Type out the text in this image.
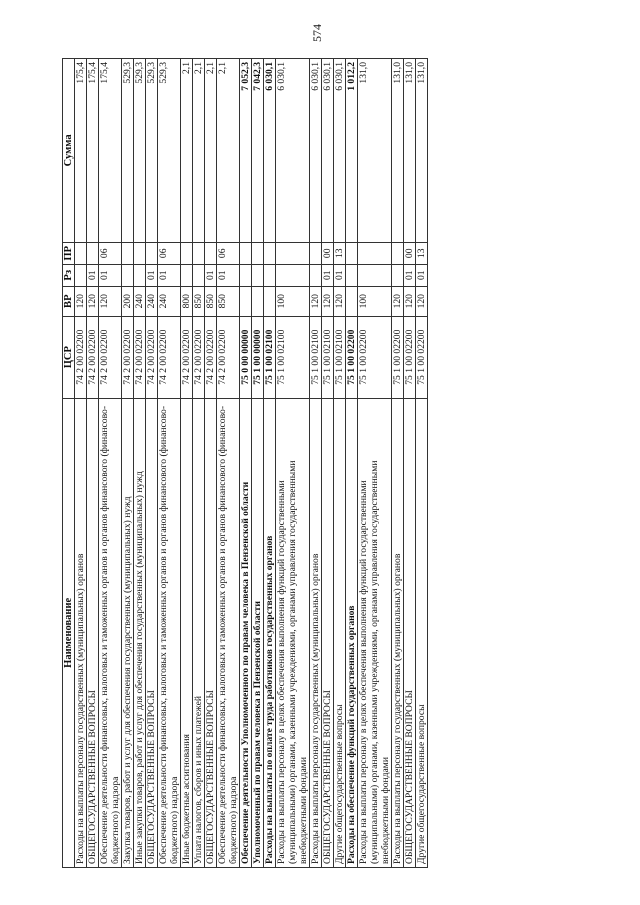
574
Наименование	ЦСР	ВР	Рз	ПР	Сумма
Расходы на выплаты персоналу государственных (муниципальных) органов	74 2 00 02200	120			175,4
ОБЩЕГОСУДАРСТВЕННЫЕ ВОПРОСЫ	74 2 00 02200	120	01		175,4
Обеспечение деятельности финансовых, налоговых и таможенных органов и органов финансового (финансово-бюджетного) надзора	74 2 00 02200	120	01	06	175,4
Закупка товаров, работ и услуг для обеспечения государственных (муниципальных) нужд	74 2 00 02200	200			529,3
Иные закупки товаров, работ и услуг для обеспечения государственных (муниципальных) нужд	74 2 00 02200	240			529,3
ОБЩЕГОСУДАРСТВЕННЫЕ ВОПРОСЫ	74 2 00 02200	240	01		529,3
Обеспечение деятельности финансовых, налоговых и таможенных органов и органов финансового (финансово-бюджетного) надзора	74 2 00 02200	240	01	06	529,3
Иные бюджетные ассигнования	74 2 00 02200	800			2,1
Уплата налогов, сборов и иных платежей	74 2 00 02200	850			2,1
ОБЩЕГОСУДАРСТВЕННЫЕ ВОПРОСЫ	74 2 00 02200	850	01		2,1
Обеспечение деятельности финансовых, налоговых и таможенных органов и органов финансового (финансово-бюджетного) надзора	74 2 00 02200	850	01	06	2,1
Обеспечение деятельности Уполномоченного по правам человека в Пензенской области	75 0 00 00000				7 052,3
Уполномоченный по правам человека в Пензенской области	75 1 00 00000				7 042,3
Расходы на выплаты по оплате труда работников государственных органов	75 1 00 02100				6 030,1
Расходы на выплаты персоналу в целях обеспечения выполнения функций государственными (муниципальными) органами, казенными учреждениями, органами управления государственными внебюджетными фондами	75 1 00 02100	100			6 030,1
Расходы на выплаты персоналу государственных (муниципальных) органов	75 1 00 02100	120			6 030,1
ОБЩЕГОСУДАРСТВЕННЫЕ ВОПРОСЫ	75 1 00 02100	120	01	00	6 030,1
Другие общегосударственные вопросы	75 1 00 02100	120	01	13	6 030,1
Расходы на обеспечение функций государственных органов	75 1 00 02200				1 012,2
Расходы на выплаты персоналу в целях обеспечения выполнения функций государственными (муниципальными) органами, казенными учреждениями, органами управления государственными внебюджетными фондами	75 1 00 02200	100			131,0
Расходы на выплаты персоналу государственных (муниципальных) органов	75 1 00 02200	120			131,0
ОБЩЕГОСУДАРСТВЕННЫЕ ВОПРОСЫ	75 1 00 02200	120	01	00	131,0
Другие общегосударственные вопросы	75 1 00 02200	120	01	13	131,0
